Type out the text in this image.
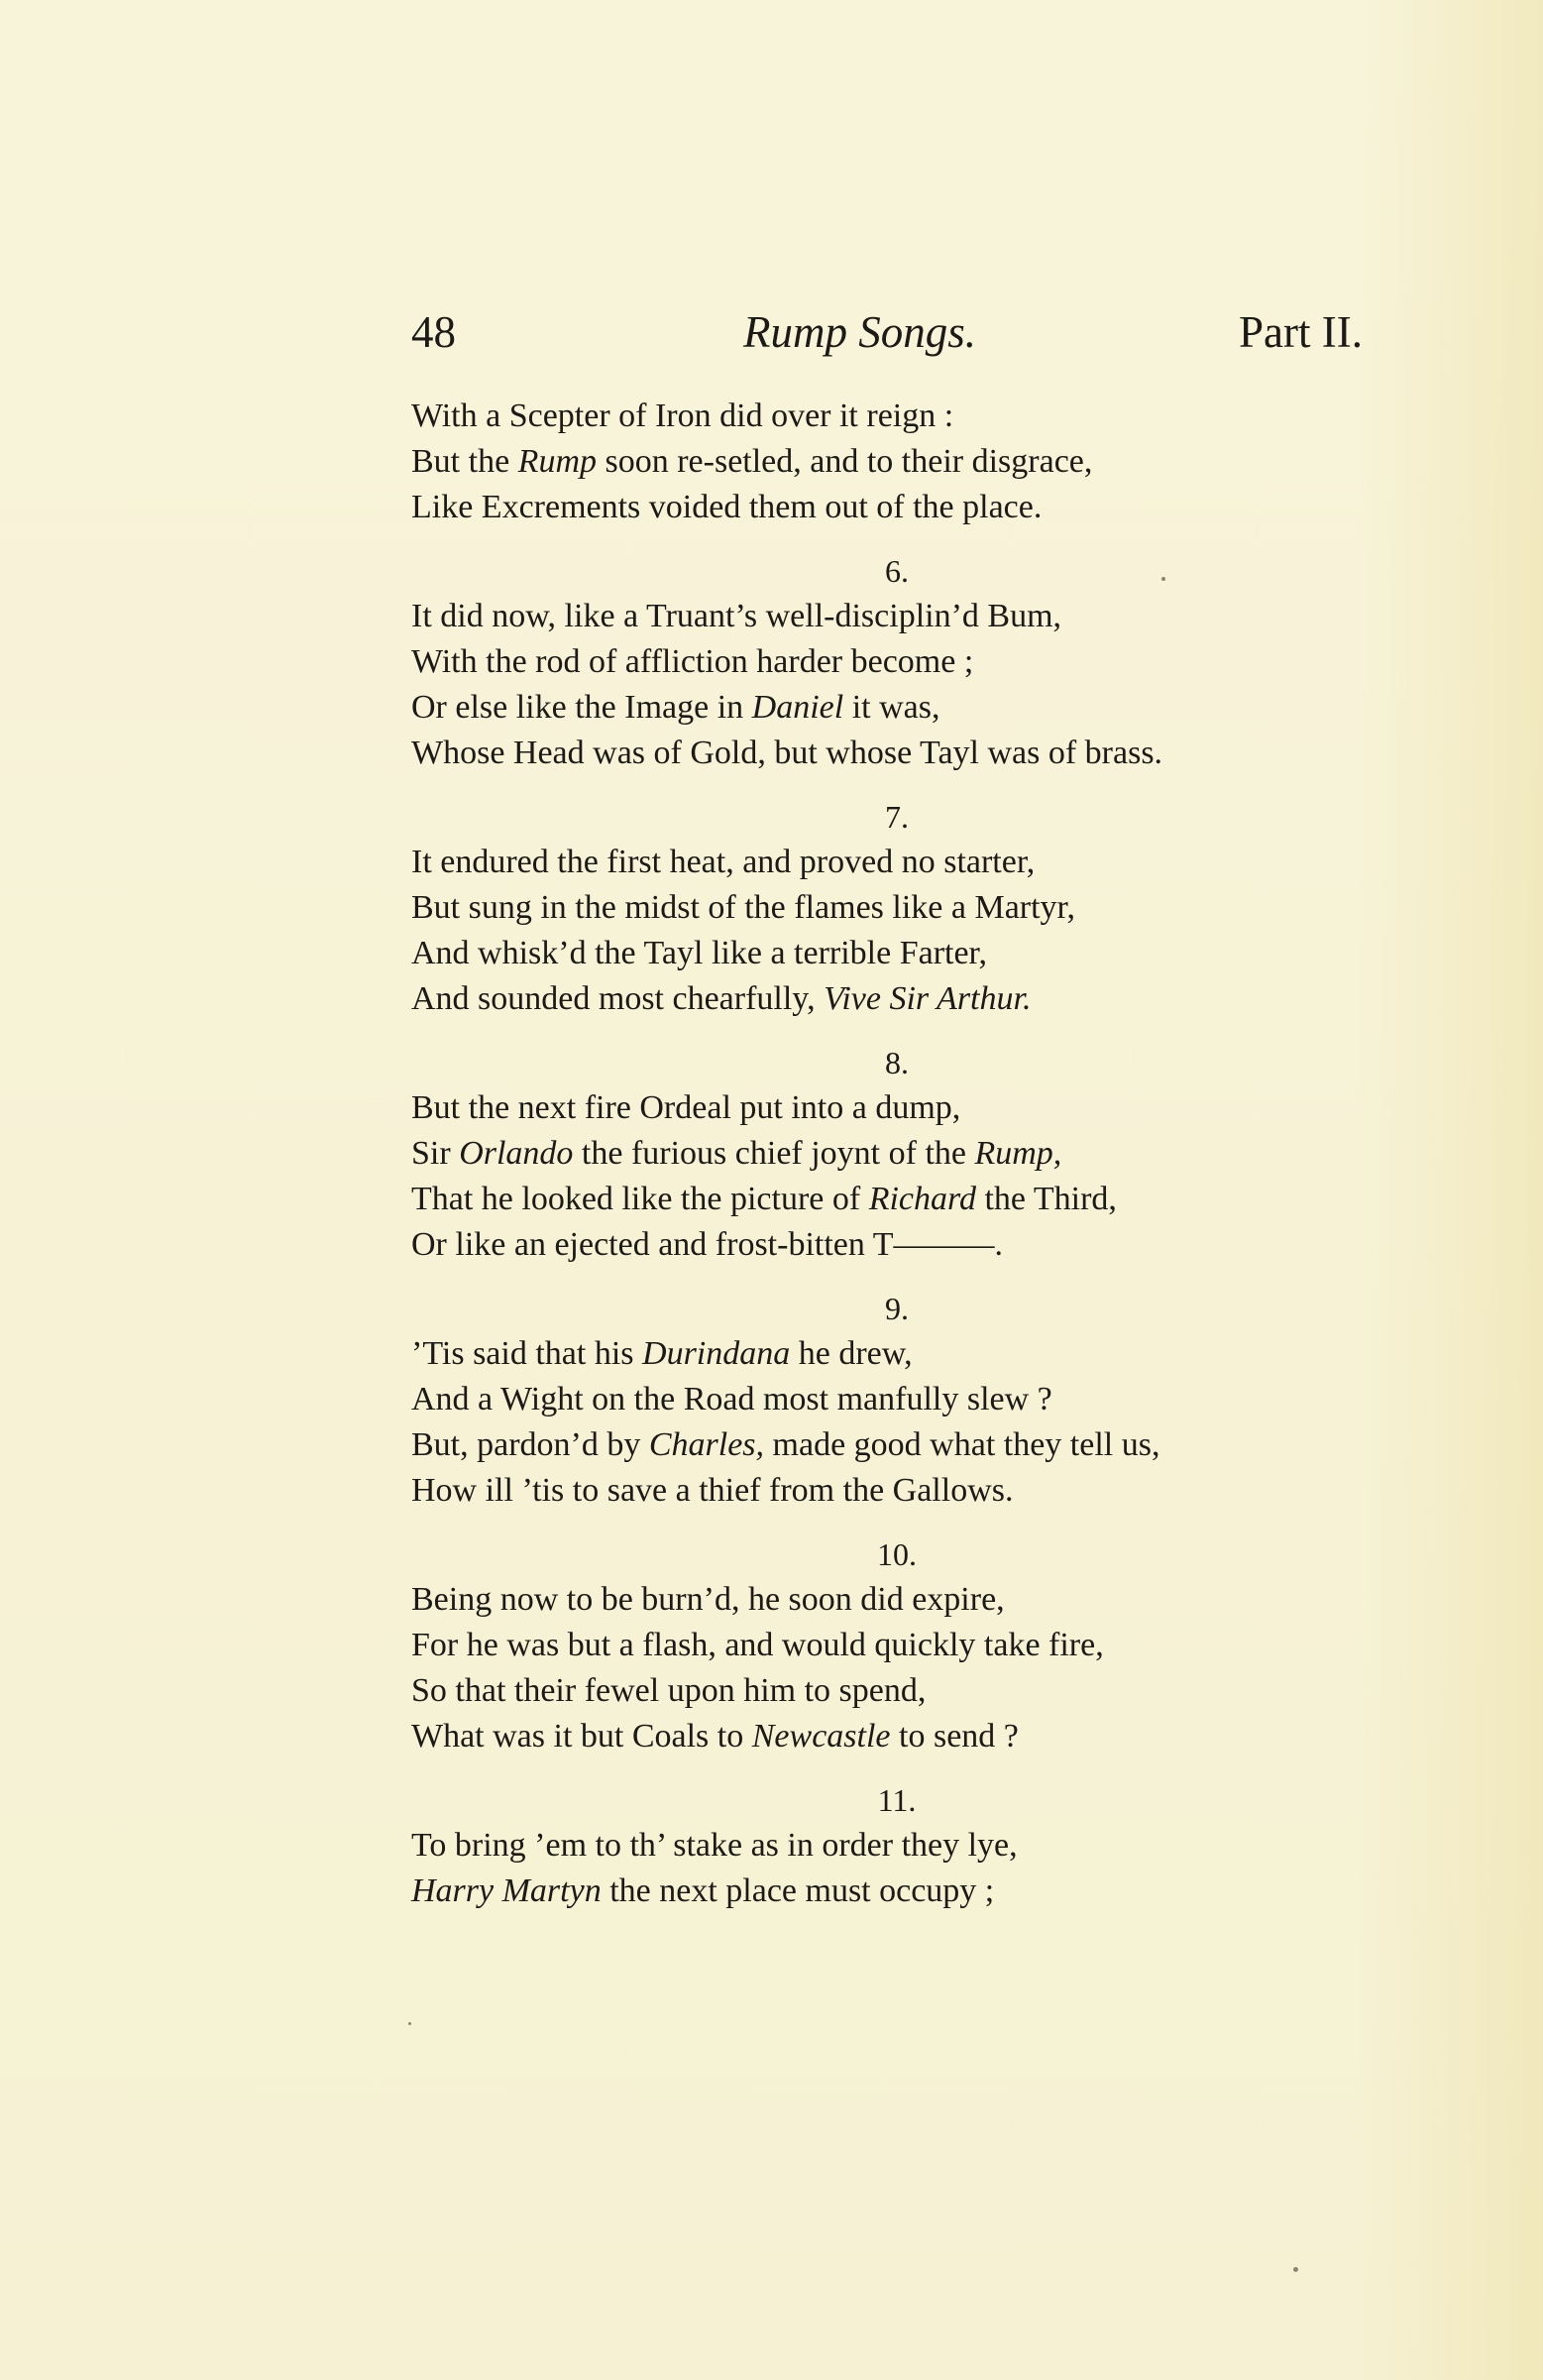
48	Rump Songs.	Part II.
With a Scepter of Iron did over it reign :
But the Rump soon re-setled, and to their disgrace,
Like Excrements voided them out of the place.
6.
It did now, like a Truant’s well-disciplin’d Bum,
With the rod of affliction harder become ;
Or else like the Image in Daniel it was,
Whose Head was of Gold, but whose Tayl was of brass.
7.
It endured the first heat, and proved no starter,
But sung in the midst of the flames like a Martyr,
And whisk’d the Tayl like a terrible Farter,
And sounded most chearfully, Vive Sir Arthur.
8.
But the next fire Ordeal put into a dump,
Sir Orlando the furious chief joynt of the Rump,
That he looked like the picture of Richard the Third,
Or like an ejected and frost-bitten T———.
9.
’Tis said that his Durindana he drew,
And a Wight on the Road most manfully slew ?
But, pardon’d by Charles, made good what they tell us,
How ill ’tis to save a thief from the Gallows.
10.
Being now to be burn’d, he soon did expire,
For he was but a flash, and would quickly take fire,
So that their fewel upon him to spend,
What was it but Coals to Newcastle to send ?
11.
To bring ’em to th’ stake as in order they lye,
Harry Martyn the next place must occupy ;
